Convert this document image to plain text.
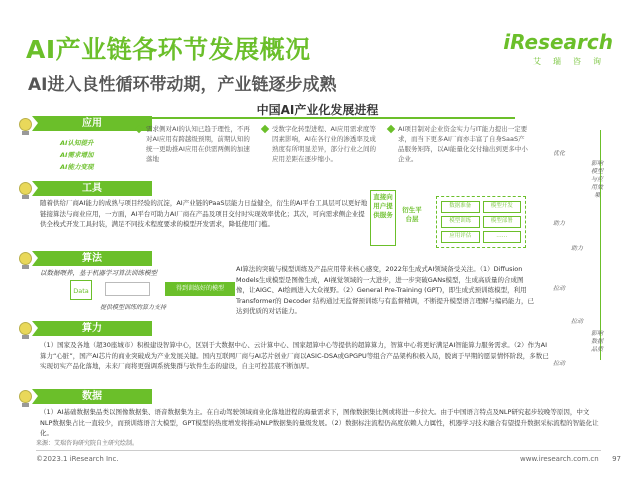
AI产业链各环节发展概况
AI进入良性循环带动期，产业链逐步成熟
iResearch
艾瑞咨询
中国AI产业化发展进程
应用
AI认知提升
AI需求增加
AI能力变现

需求侧对AI的认知已趋于理性，不再对AI应用有跨越级预期，前期认知的统一更助推AI应用在供需两侧的加速落地

受数字化转型进程、AI应用需求度等因素影响，AI在各行业的渗透率及成熟度有所明显差异，部分行业之间的应用差距在逐步缩小。

AI项目制对企业资金实力与IT能力提出一定要求，而当下更多AI厂商亦丰富了自身SaaS产品服务矩阵，以AI能量化交付输出到更多中小企业。

工具
随着供给厂商AI能力的成熟与项目经验的沉淀，AI产业链的PaaS层能力日益健全，衍生的AI平台工具层可以更好地链接算法与商业应用，一方面，AI平台可助力AI厂商在产品及项目交付时实现效率优化；其次，可向需求侧企业提供全栈式开发工具封装，满足不同技术程度要求的模型开发需求，降低使用门槛。
直接向用户提供服务
衍生平台层
数据准备	模型开发
模型训练	模型部署
应用评估	……
算法
以数据喂养，基于机器学习算法训练模型
Data	得到训练好的模型
提供模型训练的算力支持
AI算法的突破与模型训练及产品应用带来核心感变，2022年生成式AI领域备受关注。（1）Diffusion Models生成模型是图像生成，AI视觉领域的一大进步，进一步突破GANs模型，生成高质量的合成图像，让AIGC、AI绘画进入大众视野。（2）General Pre-Training (GPT)，即生成式预训练模型，利用Transformer的 Decoder 结构通过无监督预训练与有监督精调，不断提升模型语言理解与编码能力，已达到优质的对话能力。
算力
（1）国家及各地（超30座城市）积极建设智算中心，区别于大数据中心、云计算中心、国家超算中心等提供的超算算力，智算中心将更好满足AI智能算力服务需求。（2）作为AI算力“心脏”，国产AI芯片的商业突破成为产业发展关键。国内互联网厂商与AI芯片创业厂商以ASIC-DSA或GPGPU等组合产品架构积极入局，脱离于早期的愿景情怀阶段，多数已实现切实产品化落地，未来厂商将更强调系统集群与软件生态的建设，自主可控甚底不断加厚。
数据
（1）AI基础数据集品类以图像数据集、语音数据集为主。在自动驾驶领域商业化落地进程的海量需求下，图像数据集比例或将进一步拉大。由于中国语言特点及NLP研究起步较晚等原因，中文NLP数据集占比一直较少，而预训练语言大模型，GPT模型的热度增发将推动NLP数据集的量级发展。（2）数据标注流程仍高度依赖人力属性，机器学习技术融合有望提升数据采标流程的智能化让化。
影响模型与应用效果
影响数据品质
优化
助力
助力
拉动
拉动
拉动
来源：艾瑞咨询研究院自主研究绘制。
©2023.1 iResearch Inc.	www.iresearch.com.cn 97
